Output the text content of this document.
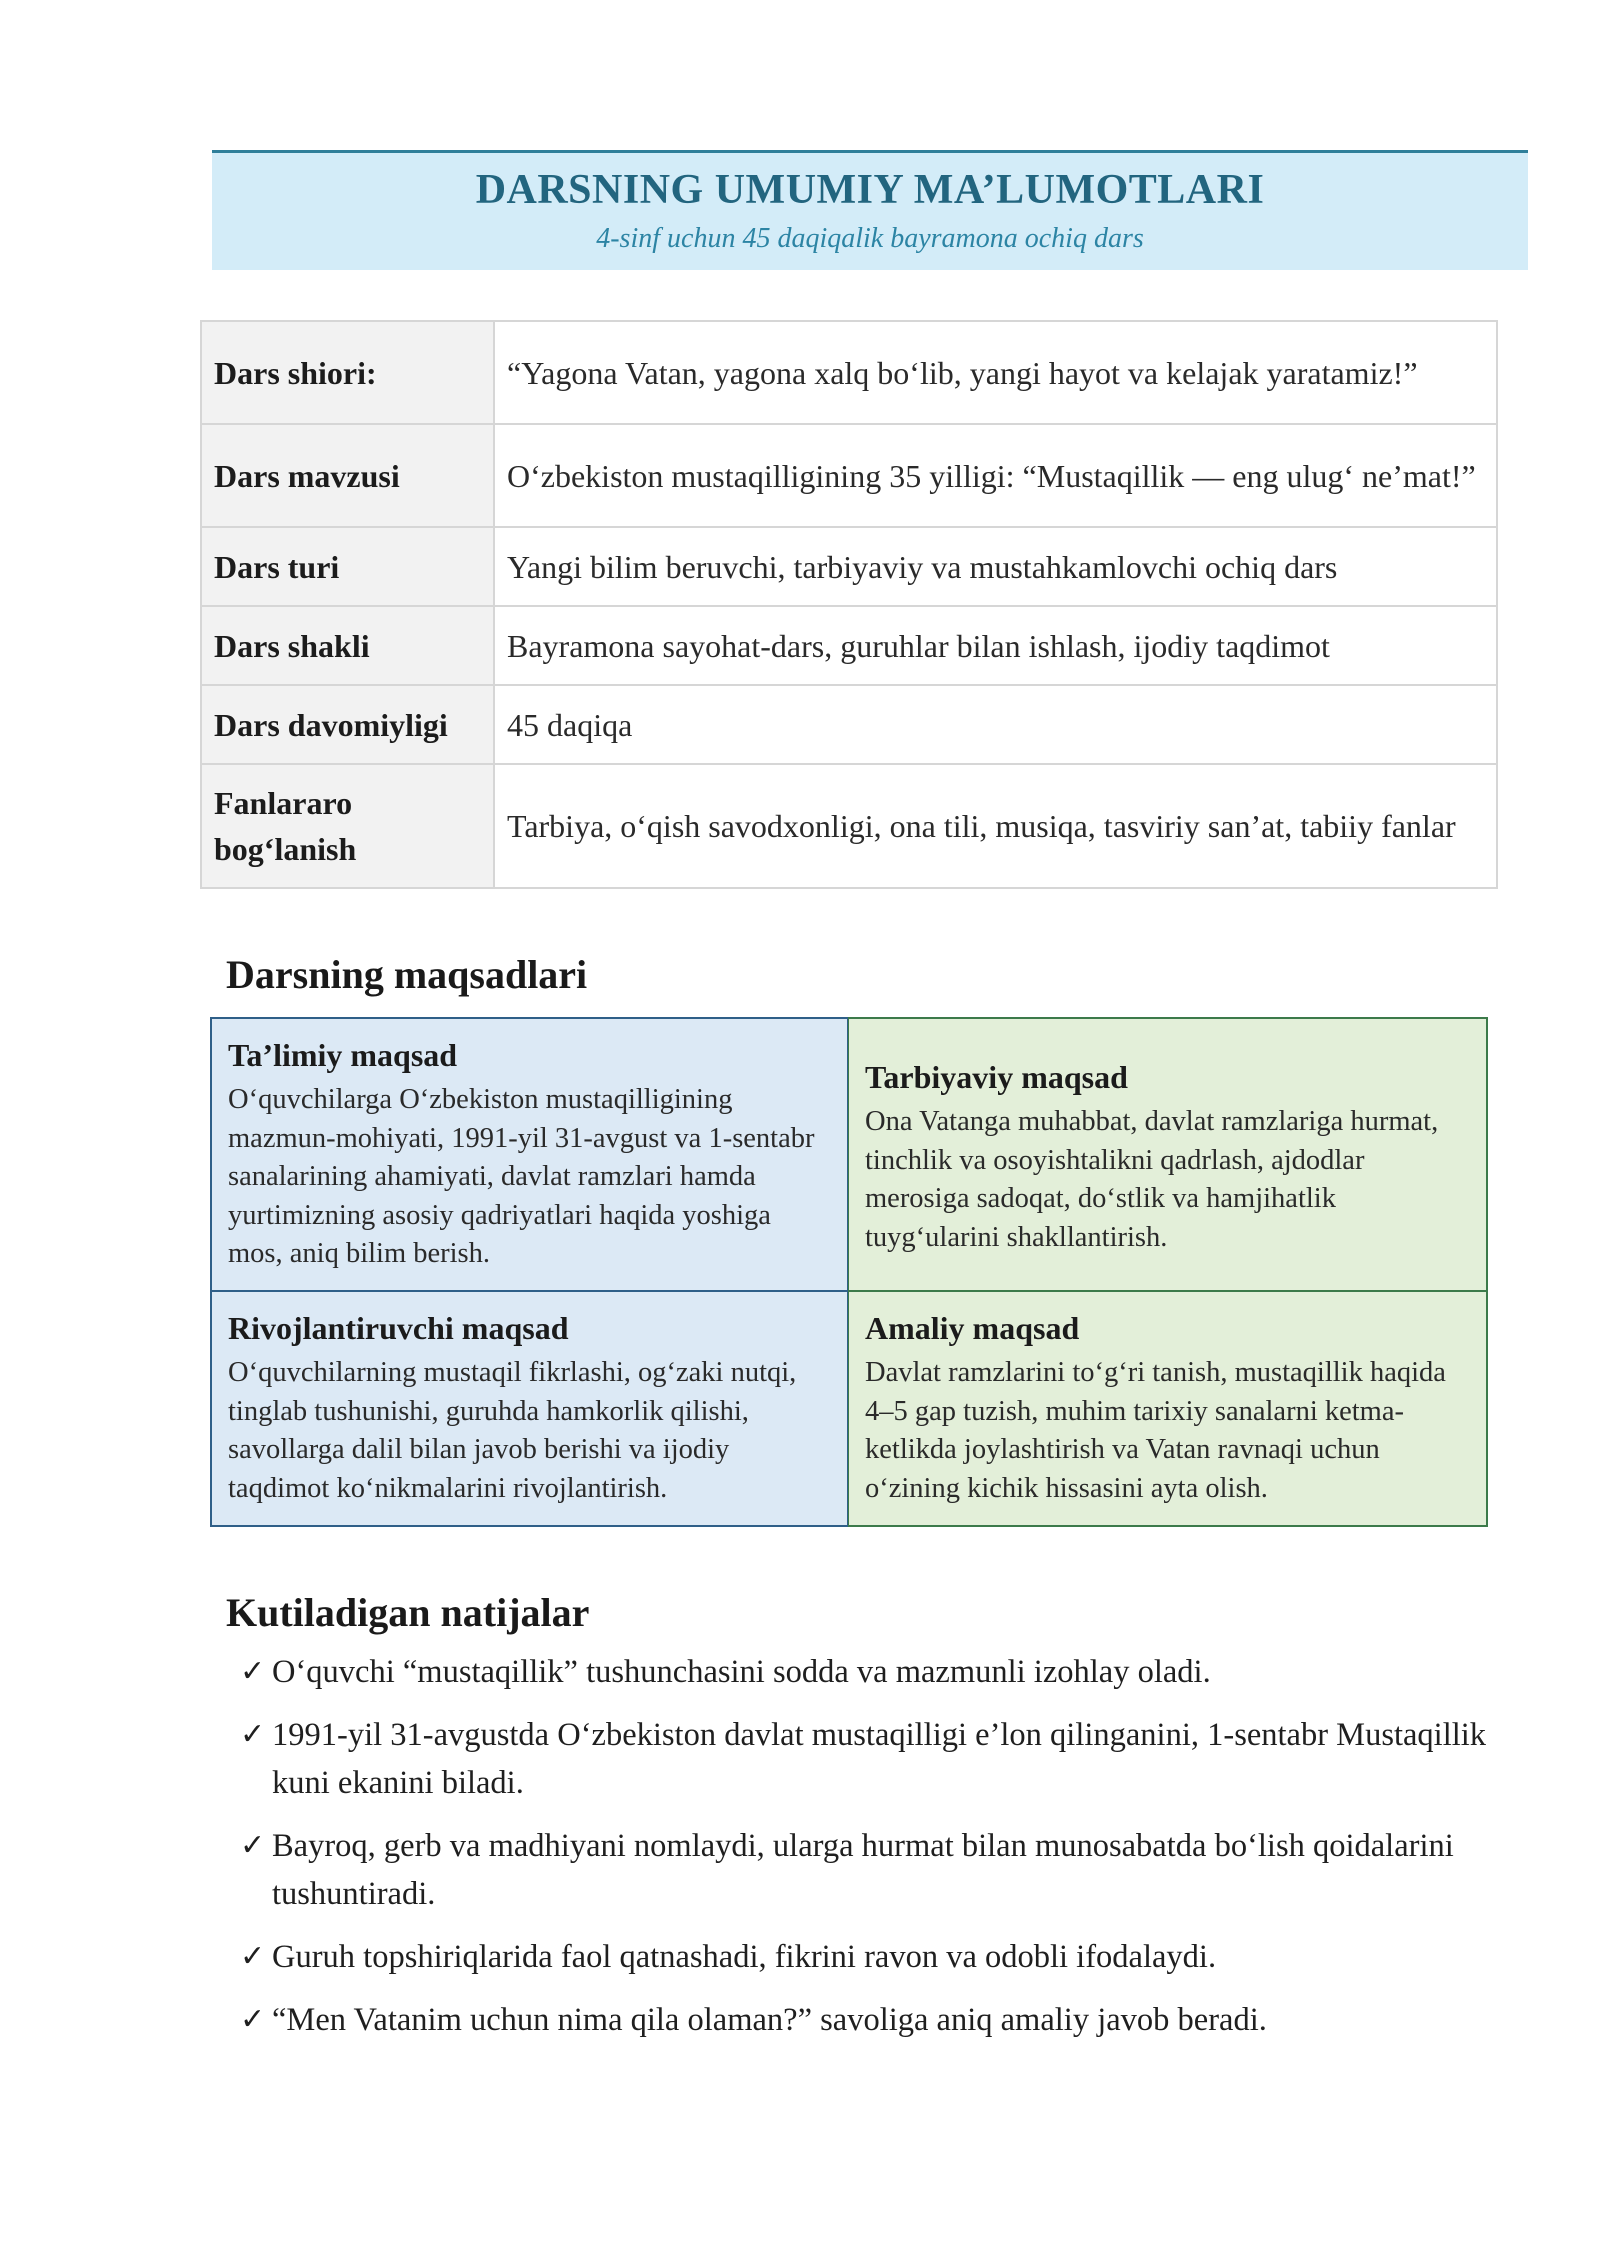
DARSNING UMUMIY MA’LUMOTLARI
4-sinf uchun 45 daqiqalik bayramona ochiq dars
Dars shiori:	“Yagona Vatan, yagona xalq bo‘lib, yangi hayot va kelajak yaratamiz!”
Dars mavzusi	O‘zbekiston mustaqilligining 35 yilligi: “Mustaqillik — eng ulug‘ ne’mat!”
Dars turi	Yangi bilim beruvchi, tarbiyaviy va mustahkamlovchi ochiq dars
Dars shakli	Bayramona sayohat-dars, guruhlar bilan ishlash, ijodiy taqdimot
Dars davomiyligi	45 daqiqa
Fanlararo bog‘lanish	Tarbiya, o‘qish savodxonligi, ona tili, musiqa, tasviriy san’at, tabiiy fanlar
Darsning maqsadlari
Ta’limiy maqsad
O‘quvchilarga O‘zbekiston mustaqilligining mazmun-mohiyati, 1991-yil 31-avgust va 1-sentabr sanalarining ahamiyati, davlat ramzlari hamda yurtimizning asosiy qadriyatlari haqida yoshiga mos, aniq bilim berish.
Tarbiyaviy maqsad
Ona Vatanga muhabbat, davlat ramzlariga hurmat, tinchlik va osoyishtalikni qadrlash, ajdodlar merosiga sadoqat, do‘stlik va hamjihatlik tuyg‘ularini shakllantirish.
Rivojlantiruvchi maqsad
O‘quvchilarning mustaqil fikrlashi, og‘zaki nutqi, tinglab tushunishi, guruhda hamkorlik qilishi, savollarga dalil bilan javob berishi va ijodiy taqdimot ko‘nikmalarini rivojlantirish.
Amaliy maqsad
Davlat ramzlarini to‘g‘ri tanish, mustaqillik haqida 4–5 gap tuzish, muhim tarixiy sanalarni ketma-ketlikda joylashtirish va Vatan ravnaqi uchun o‘zining kichik hissasini ayta olish.
Kutiladigan natijalar
✓ O‘quvchi “mustaqillik” tushunchasini sodda va mazmunli izohlay oladi.
✓ 1991-yil 31-avgustda O‘zbekiston davlat mustaqilligi e’lon qilinganini, 1-sentabr Mustaqillik kuni ekanini biladi.
✓ Bayroq, gerb va madhiyani nomlaydi, ularga hurmat bilan munosabatda bo‘lish qoidalarini tushuntiradi.
✓ Guruh topshiriqlarida faol qatnashadi, fikrini ravon va odobli ifodalaydi.
✓ “Men Vatanim uchun nima qila olaman?” savoliga aniq amaliy javob beradi.
